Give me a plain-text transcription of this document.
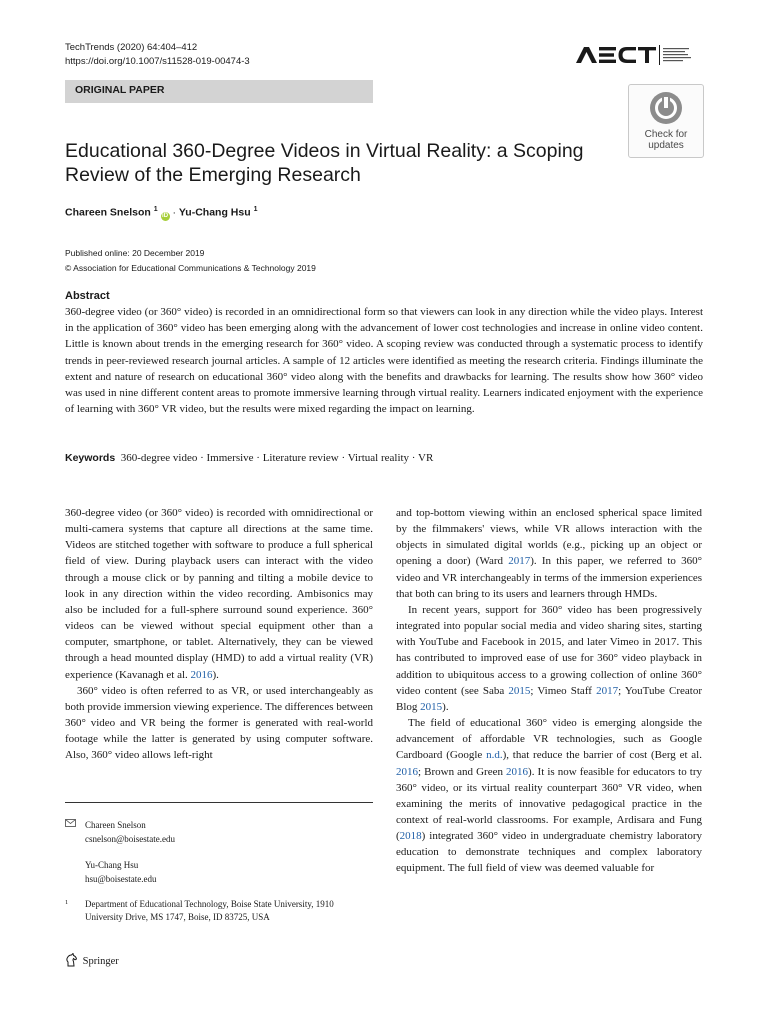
TechTrends (2020) 64:404–412
https://doi.org/10.1007/s11528-019-00474-3
ORIGINAL PAPER
Check for
updates
Educational 360-Degree Videos in Virtual Reality: a Scoping Review of the Emerging Research
Chareen Snelson $^1$ iD · Yu-Chang Hsu $^1$
Published online: 20 December 2019
© Association for Educational Communications & Technology 2019
Abstract

360-degree video (or 360° video) is recorded in an omnidirectional form so that viewers can look in any direction while the video plays. Interest in the application of 360° video has been emerging along with the advancement of lower cost technologies and increase in online video content. Little is known about trends in the emerging research for 360° video. A scoping review was conducted through a systematic process to identify trends in peer-reviewed research journal articles. A sample of 12 articles were identified as meeting the research criteria. Findings illuminate the extent and nature of research on educational 360° video along with the benefits and drawbacks for learning. The results show how 360° video was used in nine different content areas to promote immersive learning through virtual reality. Learners indicated enjoyment with the experience of learning with 360° VR video, but the results were mixed regarding the impact on learning.

Keywords 360-degree video · Immersive · Literature review · Virtual reality · VR

360-degree video (or 360° video) is recorded with omnidirectional or multi-camera systems that capture all directions at the same time. Videos are stitched together with software to produce a full spherical field of view. During playback users can interact with the video through a mouse click or by panning and tilting a mobile device to look in any direction within the video recording. Ambisonics may also be included for a full-sphere surround sound experience. 360° videos can be viewed without special equipment other than a computer, smartphone, or tablet. Alternatively, they can be viewed through a head mounted display (HMD) to add a virtual reality (VR) experience (Kavanagh et al. 2016).

360° video is often referred to as VR, or used interchangeably as both provide immersion viewing experience. The differences between 360° video and VR being the former is generated with real-world footage while the latter is generated by using computer software. Also, 360° video allows left-right

and top-bottom viewing within an enclosed spherical space limited by the filmmakers' views, while VR allows interaction with the objects in simulated digital worlds (e.g., picking up an object or opening a door) (Ward 2017). In this paper, we referred to 360° video and VR interchangeably in terms of the immersion experiences that both can bring to its users and learners through HMDs.

In recent years, support for 360° video has been progressively integrated into popular social media and video sharing sites, starting with YouTube and Facebook in 2015, and later Vimeo in 2017. This has contributed to improved ease of use for 360° video playback in addition to ubiquitous access to a growing collection of online 360° video content (see Saba 2015; Vimeo Staff 2017; YouTube Creator Blog 2015).

The field of educational 360° video is emerging alongside the advancement of affordable VR technologies, such as Google Cardboard (Google n.d.), that reduce the barrier of cost (Berg et al. 2016; Brown and Green 2016). It is now feasible for educators to try 360° video, or its virtual reality counterpart 360° VR video, when examining the merits of innovative pedagogical practice in the context of real-world classrooms. For example, Ardisara and Fung (2018) integrated 360° video in undergraduate chemistry laboratory education to demonstrate techniques and complex laboratory equipment. The full field of view was deemed valuable for

Chareen Snelson
csnelson@boisestate.edu
Yu-Chang Hsu
hsu@boisestate.edu
1 Department of Educational Technology, Boise State University, 1910 University Drive, MS 1747, Boise, ID 83725, USA
Springer
